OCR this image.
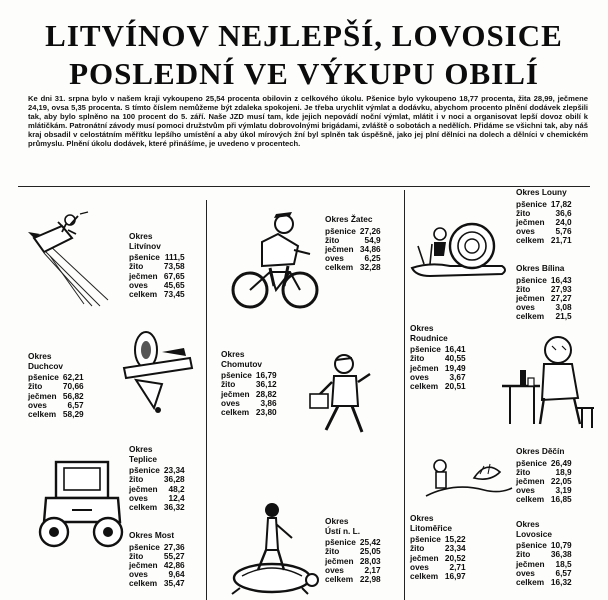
LITVÍNOV NEJLEPŠÍ, LOVOSICE
POSLEDNÍ VE VÝKUPU OBILÍ
Ke dni 31. srpna bylo v našem kraji vykoupeno 25,54 procenta obilovin z celkového úkolu. Pšenice bylo vykoupeno 18,77 procenta, žita 28,99, ječmene 24,19, ovsa 5,35 procenta. S tímto číslem nemůžeme být zdaleka spokojeni. Je třeba urychlit výmlat a dodávku, abychom procento plnění dodávek zlepšili tak, aby bylo splněno na 100 procent do 5. září. Naše JZD musí tam, kde jejich nepovádí noční výmlat, mlátit i v noci a organisovat lepší dovoz obilí k mlátičkám. Patronátní závody musí pomoci družstvům při výmlatu dobrovolnými brigádami, zvláště o sobotách a nedělích. Přidáme se všichni tak, aby náš kraj obsadil v celostátním měřítku lepšího umístění a aby úkol mírových žní byl splněn tak úspěšně, jako jej plní dělníci na dolech a dělníci v chemickém průmyslu. Plnění úkolu dodávek, které přinášíme, je uvedeno v procentech.
Okres
Litvínov
pšenice	111,5
žito	73,58
ječmen	67,65
oves	45,65
celkem	73,45
Okres Žatec
pšenice	27,26
žito	54,9
ječmen	34,86
oves	6,25
celkem	32,28
Okres Louny
pšenice	17,82
žito	36,6
ječmen	24,0
oves	5,76
celkem	21,71
Okres Bílina
pšenice	16,43
žito	27,93
ječmen	27,27
oves	3,08
celkem	21,5
Okres
Duchcov
pšenice	62,21
žito	70,66
ječmen	56,82
oves	6,57
celkem	58,29
Okres
Chomutov
pšenice	16,79
žito	36,12
ječmen	28,82
oves	3,86
celkem	23,80
Okres
Roudnice
pšenice	16,41
žito	40,55
ječmen	19,49
oves	3,67
celkem	20,51
Okres
Teplice
pšenice	23,34
žito	36,28
ječmen	48,2
oves	12,4
celkem	36,32
Okres Děčín
pšenice	26,49
žito	18,9
ječmen	22,05
oves	3,19
celkem	16,85
Okres Most
pšenice	27,36
žito	55,27
ječmen	42,86
oves	9,64
celkem	35,47
Okres
Ústí n. L.
pšenice	25,42
žito	25,05
ječmen	28,03
oves	2,17
celkem	22,98
Okres
Litoměřice
pšenice	15,22
žito	23,34
ječmen	20,52
oves	2,71
celkem	16,97
Okres
Lovosice
pšenice	10,79
žito	36,38
ječmen	18,5
oves	6,57
celkem	16,32
